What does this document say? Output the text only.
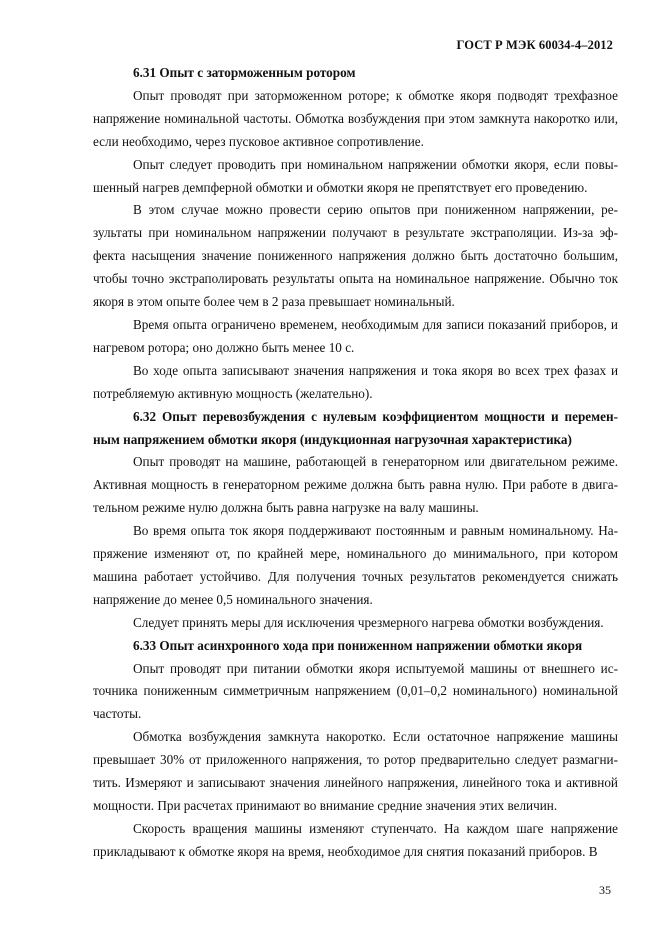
ГОСТ Р МЭК 60034-4–2012

6.31 Опыт с заторможенным ротором

Опыт проводят при заторможенном роторе; к обмотке якоря подводят трехфазное напряжение номинальной частоты. Обмотка возбуждения при этом замкнута накоротко или, если необходимо, через пусковое активное сопротивление.

Опыт следует проводить при номинальном напряжении обмотки якоря, если повышенный нагрев демпферной обмотки и обмотки якоря не препятствует его проведению.

В этом случае можно провести серию опытов при пониженном напряжении, результаты при номинальном напряжении получают в результате экстраполяции. Из-за эффекта насыщения значение пониженного напряжения должно быть достаточно большим, чтобы точно экстраполировать результаты опыта на номинальное напряжение. Обычно ток якоря в этом опыте более чем в 2 раза превышает номинальный.

Время опыта ограничено временем, необходимым для записи показаний приборов, и нагревом ротора; оно должно быть менее 10 с.

Во ходе опыта записывают значения напряжения и тока якоря во всех трех фазах и потребляемую активную мощность (желательно).

6.32 Опыт перевозбуждения с нулевым коэффициентом мощности и переменным напряжением обмотки якоря (индукционная нагрузочная характеристика)

Опыт проводят на машине, работающей в генераторном или двигательном режиме. Активная мощность в генераторном режиме должна быть равна нулю. При работе в двигательном режиме нулю должна быть равна нагрузке на валу машины.

Во время опыта ток якоря поддерживают постоянным и равным номинальному. Напряжение изменяют от, по крайней мере, номинального до минимального, при котором машина работает устойчиво. Для получения точных результатов рекомендуется снижать напряжение до менее 0,5 номинального значения.

Следует принять меры для исключения чрезмерного нагрева обмотки возбуждения.

6.33 Опыт асинхронного хода при пониженном напряжении обмотки якоря

Опыт проводят при питании обмотки якоря испытуемой машины от внешнего источника пониженным симметричным напряжением (0,01–0,2 номинального) номинальной частоты.

Обмотка возбуждения замкнута накоротко. Если остаточное напряжение машины превышает 30% от приложенного напряжения, то ротор предварительно следует размагнитить. Измеряют и записывают значения линейного напряжения, линейного тока и активной мощности. При расчетах принимают во внимание средние значения этих величин.

Скорость вращения машины изменяют ступенчато. На каждом шаге напряжение прикладывают к обмотке якоря на время, необходимое для снятия показаний приборов. В

35
